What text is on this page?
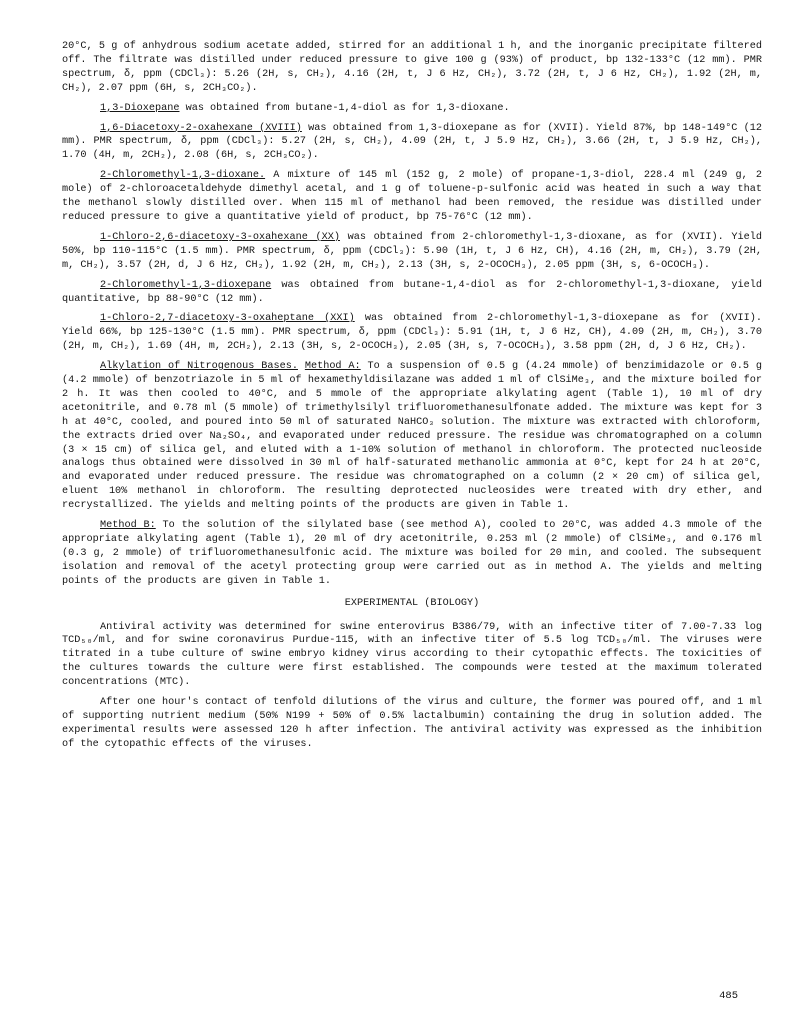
20°C, 5 g of anhydrous sodium acetate added, stirred for an additional 1 h, and the inorganic precipitate filtered off. The filtrate was distilled under reduced pressure to give 100 g (93%) of product, bp 132-133°C (12 mm). PMR spectrum, δ, ppm (CDCl₃): 5.26 (2H, s, CH₂), 4.16 (2H, t, J 6 Hz, CH₂), 3.72 (2H, t, J 6 Hz, CH₂), 1.92 (2H, m, CH₂), 2.07 ppm (6H, s, 2CH₃CO₂).

1,3-Dioxepane was obtained from butane-1,4-diol as for 1,3-dioxane.

1,6-Diacetoxy-2-oxahexane (XVIII) was obtained from 1,3-dioxepane as for (XVII). Yield 87%, bp 148-149°C (12 mm). PMR spectrum, δ, ppm (CDCl₃): 5.27 (2H, s, CH₂), 4.09 (2H, t, J 5.9 Hz, CH₂), 3.66 (2H, t, J 5.9 Hz, CH₂), 1.70 (4H, m, 2CH₂), 2.08 (6H, s, 2CH₃CO₂).

2-Chloromethyl-1,3-dioxane. A mixture of 145 ml (152 g, 2 mole) of propane-1,3-diol, 228.4 ml (249 g, 2 mole) of 2-chloroacetaldehyde dimethyl acetal, and 1 g of toluene-p-sulfonic acid was heated in such a way that the methanol slowly distilled over. When 115 ml of methanol had been removed, the residue was distilled under reduced pressure to give a quantitative yield of product, bp 75-76°C (12 mm).

1-Chloro-2,6-diacetoxy-3-oxahexane (XX) was obtained from 2-chloromethyl-1,3-dioxane, as for (XVII). Yield 50%, bp 110-115°C (1.5 mm). PMR spectrum, δ, ppm (CDCl₃): 5.90 (1H, t, J 6 Hz, CH), 4.16 (2H, m, CH₂), 3.79 (2H, m, CH₂), 3.57 (2H, d, J 6 Hz, CH₂), 1.92 (2H, m, CH₂), 2.13 (3H, s, 2-OCOCH₃), 2.05 ppm (3H, s, 6-OCOCH₃).

2-Chloromethyl-1,3-dioxepane was obtained from butane-1,4-diol as for 2-chloromethyl-1,3-dioxane, yield quantitative, bp 88-90°C (12 mm).

1-Chloro-2,7-diacetoxy-3-oxaheptane (XXI) was obtained from 2-chloromethyl-1,3-dioxepane as for (XVII). Yield 66%, bp 125-130°C (1.5 mm). PMR spectrum, δ, ppm (CDCl₃): 5.91 (1H, t, J 6 Hz, CH), 4.09 (2H, m, CH₂), 3.70 (2H, m, CH₂), 1.69 (4H, m, 2CH₂), 2.13 (3H, s, 2-OCOCH₃), 2.05 (3H, s, 7-OCOCH₃), 3.58 ppm (2H, d, J 6 Hz, CH₂).

Alkylation of Nitrogenous Bases. Method A: To a suspension of 0.5 g (4.24 mmole) of benzimidazole or 0.5 g (4.2 mmole) of benzotriazole in 5 ml of hexamethyldisilazane was added 1 ml of ClSiMe₃, and the mixture boiled for 2 h. It was then cooled to 40°C, and 5 mmole of the appropriate alkylating agent (Table 1), 10 ml of dry acetonitrile, and 0.78 ml (5 mmole) of trimethylsilyl trifluoromethanesulfonate added. The mixture was kept for 3 h at 40°C, cooled, and poured into 50 ml of saturated NaHCO₃ solution. The mixture was extracted with chloroform, the extracts dried over Na₂SO₄, and evaporated under reduced pressure. The residue was chromatographed on a column (3 × 15 cm) of silica gel, and eluted with a 1-10% solution of methanol in chloroform. The protected nucleoside analogs thus obtained were dissolved in 30 ml of half-saturated methanolic ammonia at 0°C, kept for 24 h at 20°C, and evaporated under reduced pressure. The residue was chromatographed on a column (2 × 20 cm) of silica gel, eluent 10% methanol in chloroform. The resulting deprotected nucleosides were treated with dry ether, and recrystallized. The yields and melting points of the products are given in Table 1.

Method B: To the solution of the silylated base (see method A), cooled to 20°C, was added 4.3 mmole of the appropriate alkylating agent (Table 1), 20 ml of dry acetonitrile, 0.253 ml (2 mmole) of ClSiMe₃, and 0.176 ml (0.3 g, 2 mmole) of trifluoromethanesulfonic acid. The mixture was boiled for 20 min, and cooled. The subsequent isolation and removal of the acetyl protecting group were carried out as in method A. The yields and melting points of the products are given in Table 1.

EXPERIMENTAL (BIOLOGY)

Antiviral activity was determined for swine enterovirus B386/79, with an infective titer of 7.00-7.33 log TCD₅₀/ml, and for swine coronavirus Purdue-115, with an infective titer of 5.5 log TCD₅₀/ml. The viruses were titrated in a tube culture of swine embryo kidney virus according to their cytopathic effects. The toxicities of the cultures towards the culture were first established. The compounds were tested at the maximum tolerated concentrations (MTC).

After one hour's contact of tenfold dilutions of the virus and culture, the former was poured off, and 1 ml of supporting nutrient medium (50% N199 + 50% of 0.5% lactalbumin) containing the drug in solution added. The experimental results were assessed 120 h after infection. The antiviral activity was expressed as the inhibition of the cytopathic effects of the viruses.

485
